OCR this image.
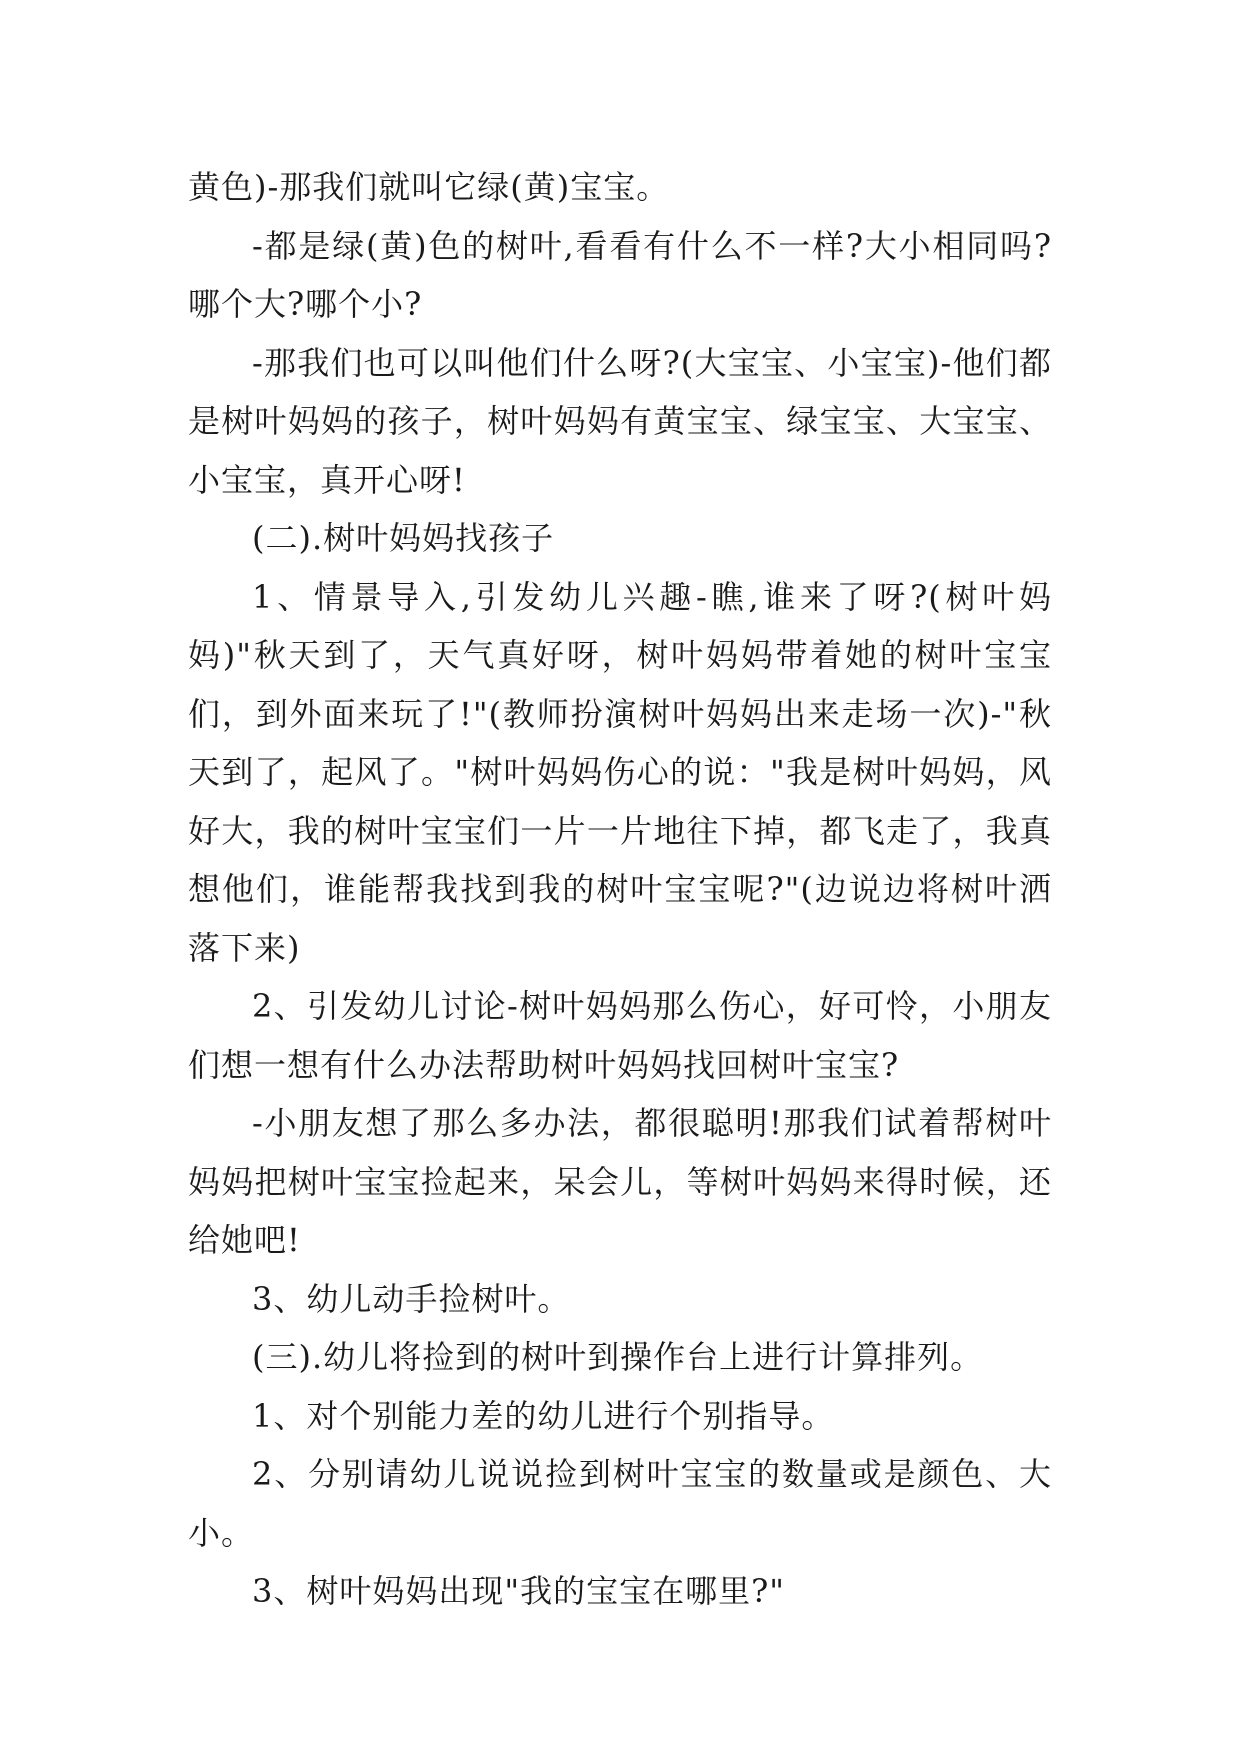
黄色)-那我们就叫它绿(黄)宝宝。

-都是绿(黄)色的树叶,看看有什么不一样?大小相同吗?哪个大?哪个小?

-那我们也可以叫他们什么呀?(大宝宝、小宝宝)-他们都是树叶妈妈的孩子，树叶妈妈有黄宝宝、绿宝宝、大宝宝、小宝宝，真开心呀!

(二).树叶妈妈找孩子

1、情景导入,引发幼儿兴趣-瞧,谁来了呀?(树叶妈妈)"秋天到了，天气真好呀，树叶妈妈带着她的树叶宝宝们，到外面来玩了!"(教师扮演树叶妈妈出来走场一次)-"秋天到了，起风了。"树叶妈妈伤心的说："我是树叶妈妈，风好大，我的树叶宝宝们一片一片地往下掉，都飞走了，我真想他们，谁能帮我找到我的树叶宝宝呢?"(边说边将树叶洒落下来)

2、引发幼儿讨论-树叶妈妈那么伤心，好可怜，小朋友们想一想有什么办法帮助树叶妈妈找回树叶宝宝?

-小朋友想了那么多办法，都很聪明!那我们试着帮树叶妈妈把树叶宝宝捡起来，呆会儿，等树叶妈妈来得时候，还给她吧!

3、幼儿动手捡树叶。

(三).幼儿将捡到的树叶到操作台上进行计算排列。

1、对个别能力差的幼儿进行个别指导。

2、分别请幼儿说说捡到树叶宝宝的数量或是颜色、大小。

3、树叶妈妈出现"我的宝宝在哪里?"
